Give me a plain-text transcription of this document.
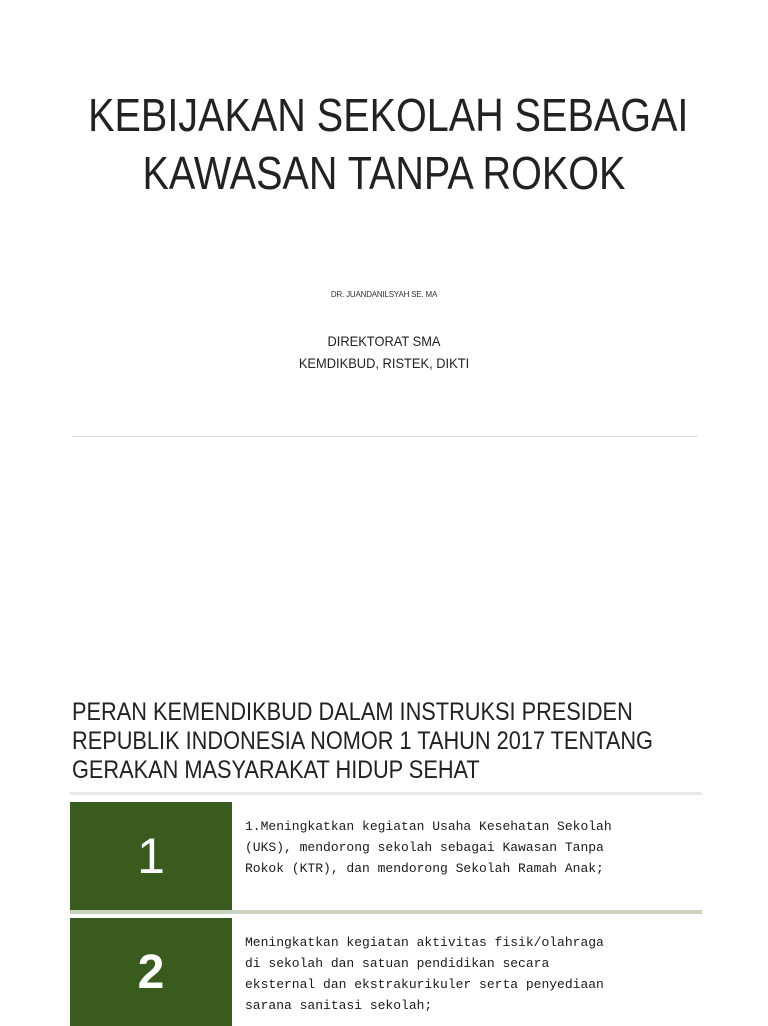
KEBIJAKAN SEKOLAH SEBAGAI
KAWASAN TANPA ROKOK
DR. JUANDANILSYAH SE. MA
DIREKTORAT SMA
KEMDIKBUD, RISTEK, DIKTI
PERAN KEMENDIKBUD DALAM INSTRUKSI PRESIDEN
REPUBLIK INDONESIA NOMOR 1 TAHUN 2017 TENTANG
GERAKAN MASYARAKAT HIDUP SEHAT
1
1.Meningkatkan kegiatan Usaha Kesehatan Sekolah
(UKS), mendorong sekolah sebagai Kawasan Tanpa
Rokok (KTR), dan mendorong Sekolah Ramah Anak;
2
Meningkatkan kegiatan aktivitas fisik/olahraga
di sekolah dan satuan pendidikan secara
eksternal dan ekstrakurikuler serta penyediaan
sarana sanitasi sekolah;
